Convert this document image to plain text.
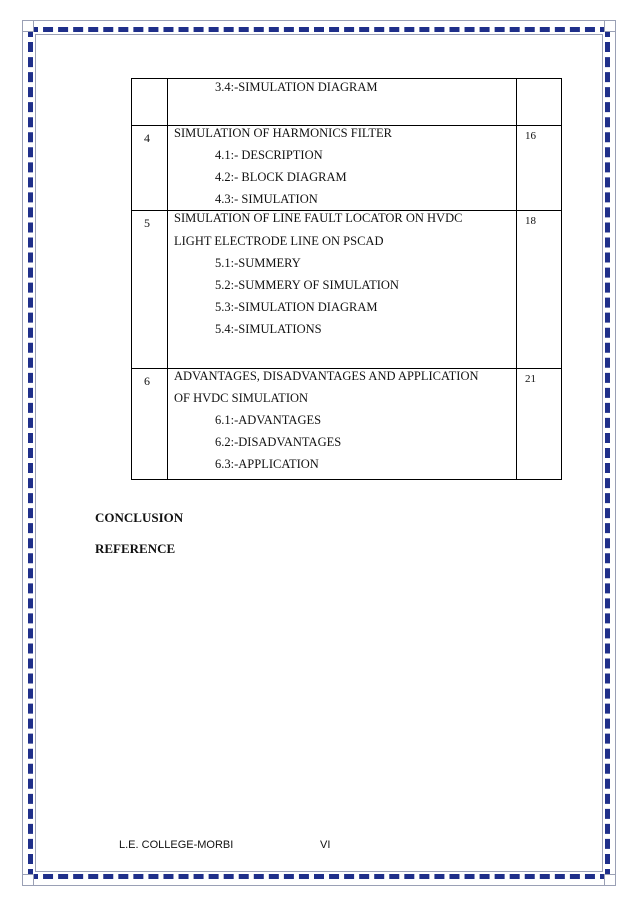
3.4:-SIMULATION DIAGRAM
4 SIMULATION OF HARMONICS FILTER
4.1:- DESCRIPTION
4.2:- BLOCK DIAGRAM
4.3:- SIMULATION
16
5 SIMULATION OF LINE FAULT LOCATOR ON HVDC
LIGHT ELECTRODE LINE ON PSCAD
5.1:-SUMMERY
5.2:-SUMMERY OF SIMULATION
5.3:-SIMULATION DIAGRAM
5.4:-SIMULATIONS
18
6 ADVANTAGES, DISADVANTAGES AND APPLICATION
OF HVDC SIMULATION
6.1:-ADVANTAGES
6.2:-DISADVANTAGES
6.3:-APPLICATION
21
CONCLUSION
REFERENCE
L.E. COLLEGE-MORBI	VI
